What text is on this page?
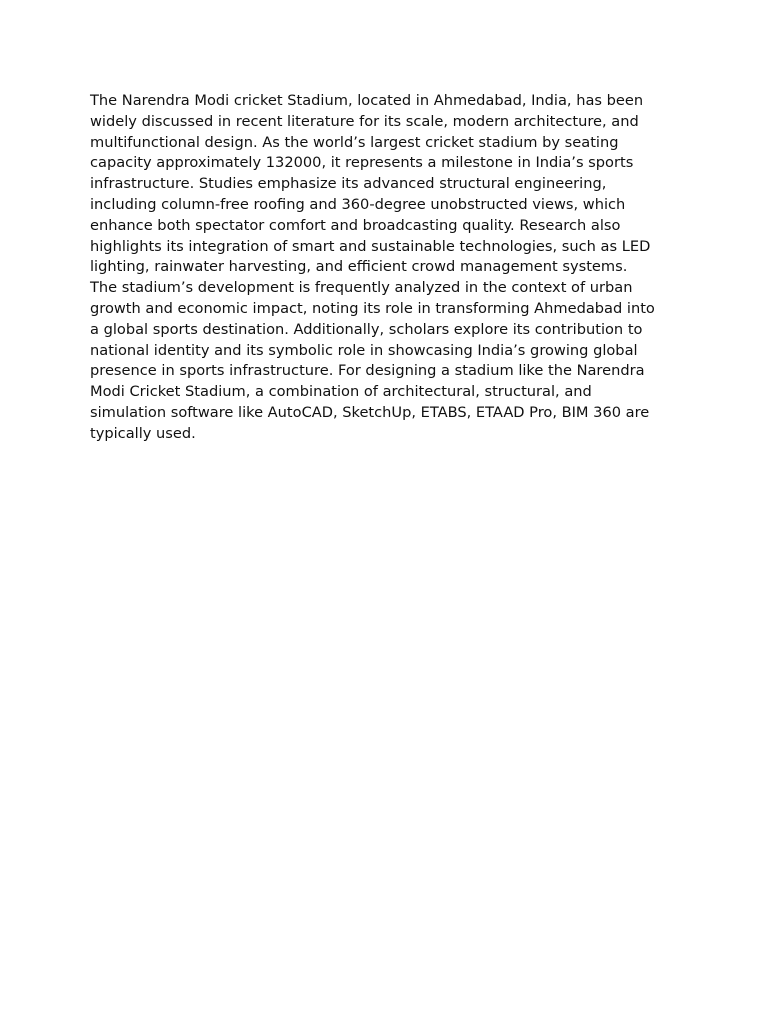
The Narendra Modi cricket Stadium, located in Ahmedabad, India, has been
widely discussed in recent literature for its scale, modern architecture, and
multifunctional design. As the world’s largest cricket stadium by seating
capacity approximately 132000, it represents a milestone in India’s sports
infrastructure. Studies emphasize its advanced structural engineering,
including column-free roofing and 360-degree unobstructed views, which
enhance both spectator comfort and broadcasting quality. Research also
highlights its integration of smart and sustainable technologies, such as LED
lighting, rainwater harvesting, and efficient crowd management systems.
The stadium’s development is frequently analyzed in the context of urban
growth and economic impact, noting its role in transforming Ahmedabad into
a global sports destination. Additionally, scholars explore its contribution to
national identity and its symbolic role in showcasing India’s growing global
presence in sports infrastructure. For designing a stadium like the Narendra
Modi Cricket Stadium, a combination of architectural, structural, and
simulation software like AutoCAD, SketchUp, ETABS, ETAAD Pro, BIM 360 are
typically used.
